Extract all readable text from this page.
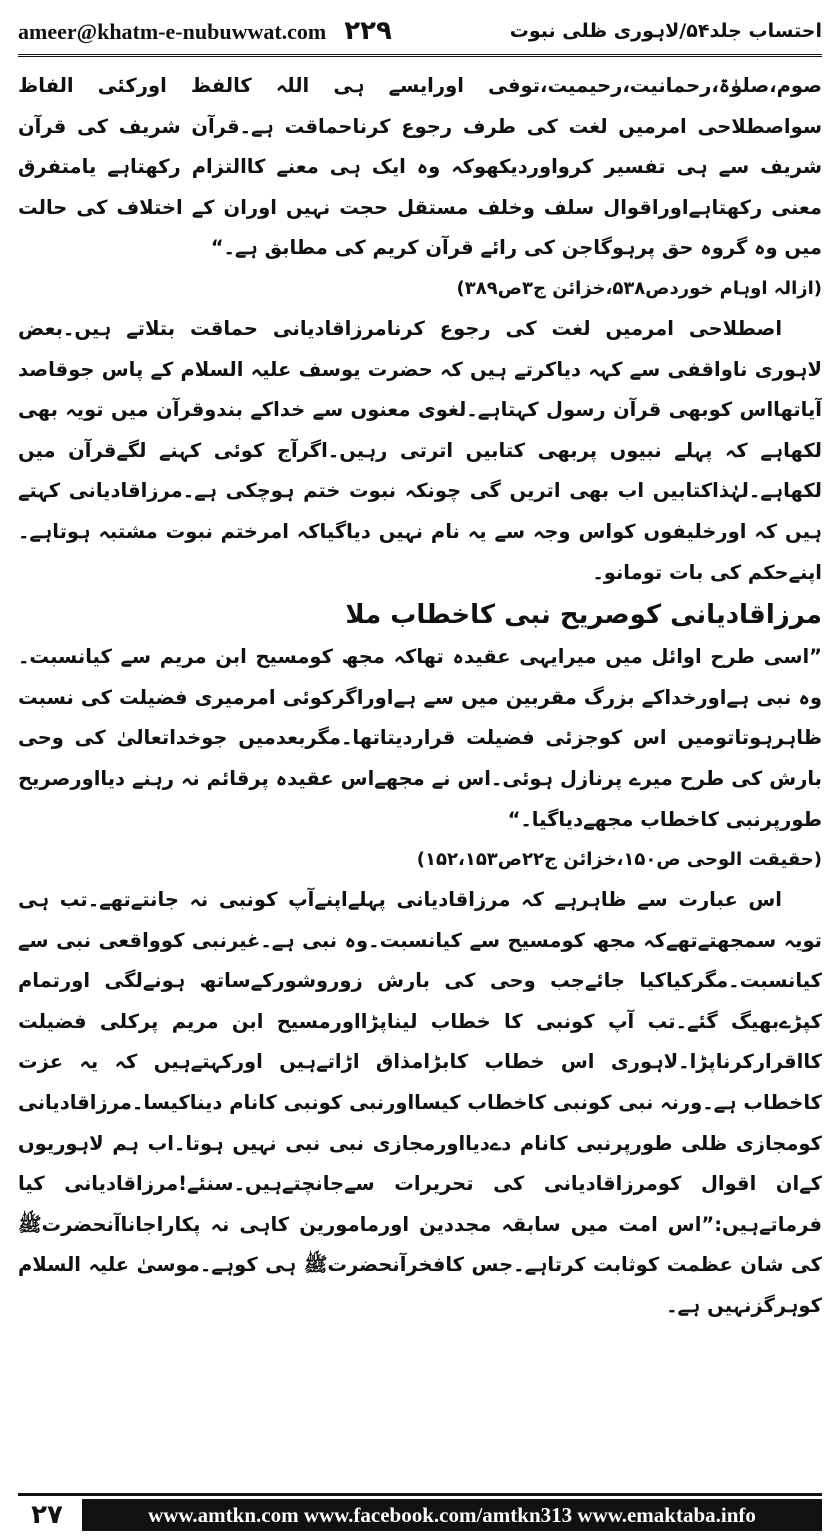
ameer@khatm-e-nubuwwat.com ۲۲۹	احتساب جلد۵۴/لاہوری ظلی نبوت

صوم،صلوٰۃ،رحمانیت،رحیمیت،توفی اورایسے ہی اللہ کالفظ اورکئی الفاظ سواصطلاحی امرمیں لغت کی طرف رجوع کرناحماقت ہے۔قرآن شریف کی قرآن شریف سے ہی تفسیر کرواوردیکھوکہ وہ ایک ہی معنے کاالتزام رکھتاہے یامتفرق معنی رکھتاہےاوراقوال سلف وخلف مستقل حجت نہیں اوران کے اختلاف کی حالت میں وہ گروہ حق پرہوگاجن کی رائے قرآن کریم کی مطابق ہے۔“

(ازالہ اوہام خوردص۵۳۸،خزائن ج۳ص۳۸۹)

اصطلاحی امرمیں لغت کی رجوع کرنامرزاقادیانی حماقت بتلاتے ہیں۔بعض لاہوری ناواقفی سے کہہ دیاکرتے ہیں کہ حضرت یوسف علیہ السلام کے پاس جوقاصد آیاتھااس کوبھی قرآن رسول کہتاہے۔لغوی معنوں سے خداکے بندوقرآن میں تویہ بھی لکھاہے کہ پہلے نبیوں پربھی کتابیں اترتی رہیں۔اگرآج کوئی کہنے لگےقرآن میں لکھاہے۔لہٰذاکتابیں اب بھی اتریں گی چونکہ نبوت ختم ہوچکی ہے۔مرزاقادیانی کہتے ہیں کہ اورخلیفوں کواس وجہ سے یہ نام نہیں دیاگیاکہ امرختم نبوت مشتبہ ہوتاہے۔اپنےحکم کی بات تومانو۔

مرزاقادیانی کوصریح نبی کاخطاب ملا

”اسی طرح اوائل میں میرایہی عقیدہ تھاکہ مجھ کومسیح ابن مریم سے کیانسبت۔وہ نبی ہےاورخداکے بزرگ مقربین میں سے ہےاوراگرکوئی امرمیری فضیلت کی نسبت ظاہرہوتاتومیں اس کوجزئی فضیلت قراردیتاتھا۔مگربعدمیں جوخداتعالیٰ کی وحی بارش کی طرح میرے پرنازل ہوئی۔اس نے مجھےاس عقیدہ پرقائم نہ رہنے دیااورصریح طورپرنبی کاخطاب مجھےدیاگیا۔“

(حقیقت الوحی ص۱۵۰،خزائن ج۲۲ص۱۵۲،۱۵۳)

اس عبارت سے ظاہرہے کہ مرزاقادیانی پہلےاپنےآپ کونبی نہ جانتےتھے۔تب ہی تویہ سمجھتےتھےکہ مجھ کومسیح سے کیانسبت۔وہ نبی ہے۔غیرنبی کوواقعی نبی سے کیانسبت۔مگرکیاکیا جائےجب وحی کی بارش زوروشورکےساتھ ہونےلگی اورتمام کپڑےبھیگ گئے۔تب آپ کونبی کا خطاب لیناپڑااورمسیح ابن مریم پرکلی فضیلت کااقرارکرناپڑا۔لاہوری اس خطاب کابڑامذاق اڑاتےہیں اورکہتےہیں کہ یہ عزت کاخطاب ہے۔ورنہ نبی کونبی کاخطاب کیسااورنبی کونبی کانام دیناکیسا۔مرزاقادیانی کومجازی ظلی طورپرنبی کانام دےدیااورمجازی نبی نبی نہیں ہوتا۔اب ہم لاہوریوں کےان اقوال کومرزاقادیانی کی تحریرات سےجانچتےہیں۔سنئے!مرزاقادیانی کیا فرماتےہیں:”اس امت میں سابقہ مجددین اورمامورین کاہی نہ پکاراجاناآنحضرتﷺ کی شان عظمت کوثابت کرتاہے۔جس کافخرآنحضرتﷺ ہی کوہے۔موسیٰ علیہ السلام کوہرگزنہیں ہے۔

۲۷	www.amtkn.com www.facebook.com/amtkn313 www.emaktaba.info
